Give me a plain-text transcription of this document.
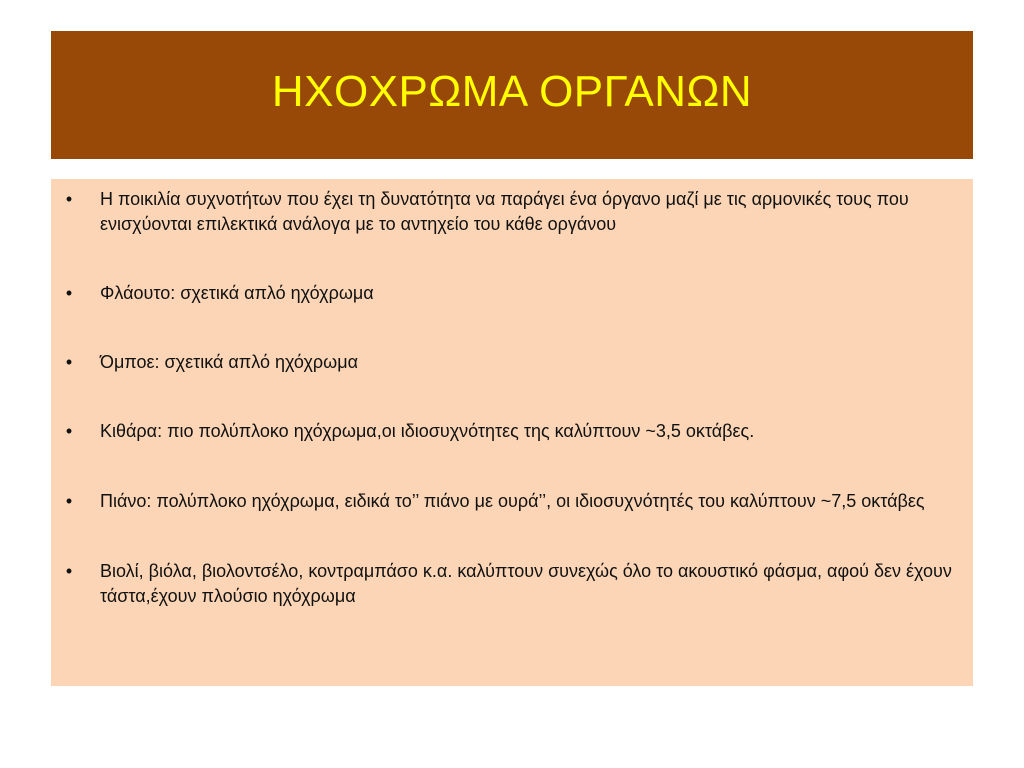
ΗΧΟΧΡΩΜΑ ΟΡΓΑΝΩΝ
• Η ποικιλία συχνοτήτων που έχει τη δυνατότητα να παράγει ένα όργανο μαζί με τις αρμονικές τους που ενισχύονται επιλεκτικά ανάλογα με το αντηχείο του κάθε οργάνου
• Φλάουτο: σχετικά απλό ηχόχρωμα
• Όμποε: σχετικά απλό ηχόχρωμα
• Κιθάρα: πιο πολύπλοκο ηχόχρωμα,οι ιδιοσυχνότητες της καλύπτουν ~3,5 οκτάβες.
• Πιάνο: πολύπλοκο ηχόχρωμα, ειδικά το’’ πιάνο με ουρά’’, οι ιδιοσυχνότητές του καλύπτουν ~7,5 οκτάβες
• Βιολί, βιόλα, βιολοντσέλο, κοντραμπάσο κ.α. καλύπτουν συνεχώς όλο το ακουστικό φάσμα, αφού δεν έχουν τάστα,έχουν πλούσιο ηχόχρωμα
